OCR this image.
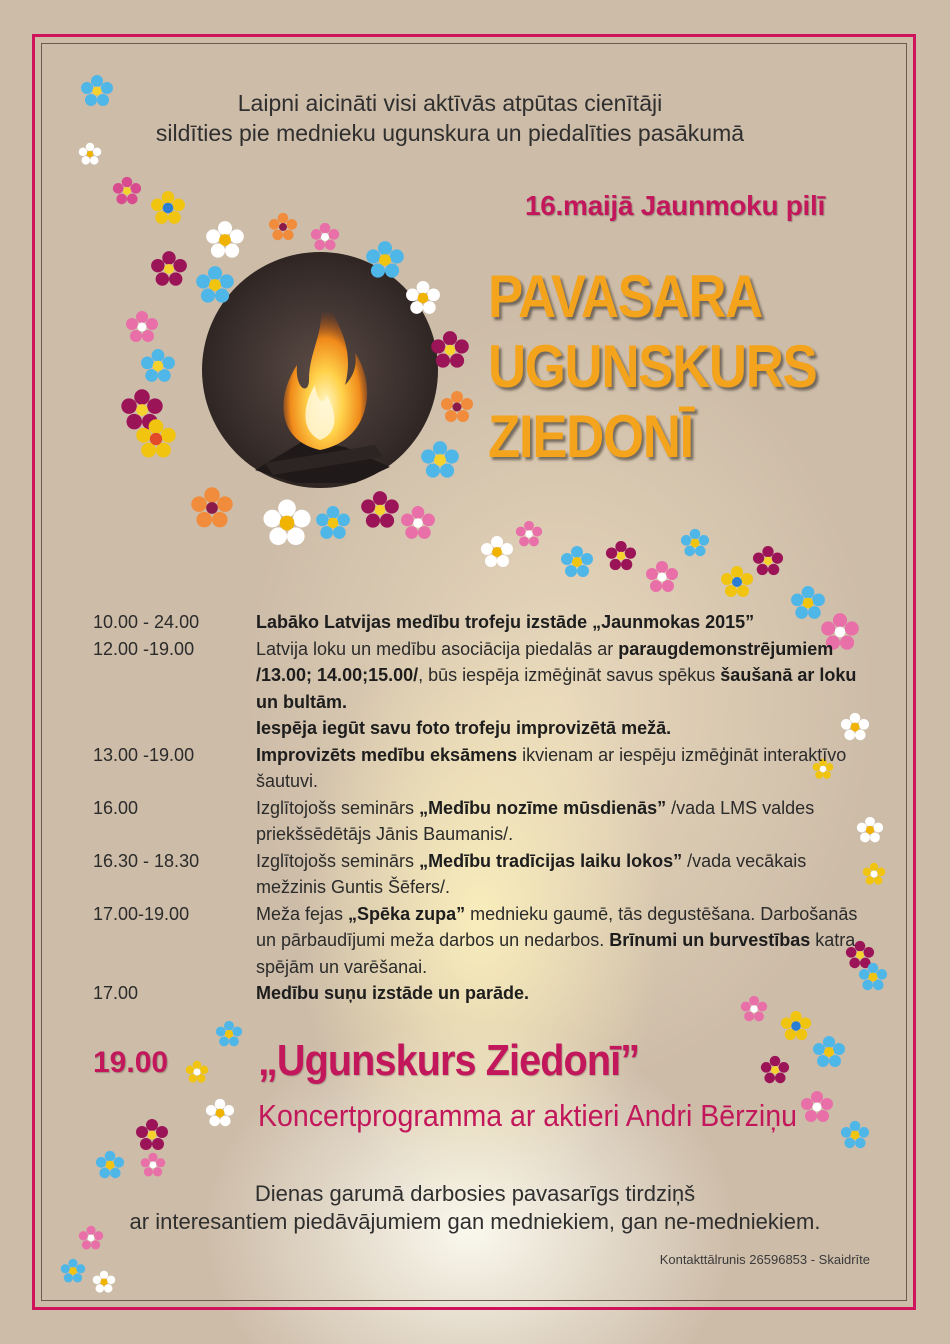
Laipni aicināti visi aktīvās atpūtas cienītāji
sildīties pie mednieku ugunskura un piedalīties pasākumā
16.maijā Jaunmoku pilī
PAVASARA
UGUNSKURS
ZIEDONĪ
10.00 - 24.00	Labāko Latvijas medību trofeju izstāde „Jaunmokas 2015”
12.00 -19.00	Latvija loku un medību asociācija piedalās ar paraugdemonstrējumiem /13.00; 14.00;15.00/, būs iespēja izmēģināt savus spēkus šaušanā ar loku un bultām.
Iespēja iegūt savu foto trofeju improvizētā mežā.
13.00 -19.00	Improvizēts medību eksāmens ikvienam ar iespēju izmēģināt interaktīvo šautuvi.
16.00	Izglītojošs seminārs „Medību nozīme mūsdienās” /vada LMS valdes priekšsēdētājs Jānis Baumanis/.
16.30 - 18.30	Izglītojošs seminārs „Medību tradīcijas laiku lokos” /vada vecākais mežzinis Guntis Šēfers/.
17.00-19.00	Meža fejas „Spēka zupa” mednieku gaumē, tās degustēšana. Darbošanās un pārbaudījumi meža darbos un nedarbos. Brīnumi un burvestības katra spējām un varēšanai.
17.00	Medību suņu izstāde un parāde.
19.00 „Ugunskurs Ziedonī”
Koncertprogramma ar aktieri Andri Bērziņu
Dienas garumā darbosies pavasarīgs tirdziņš
ar interesantiem piedāvājumiem gan medniekiem, gan ne-medniekiem.
Kontakttālrunis 26596853 - Skaidrīte
